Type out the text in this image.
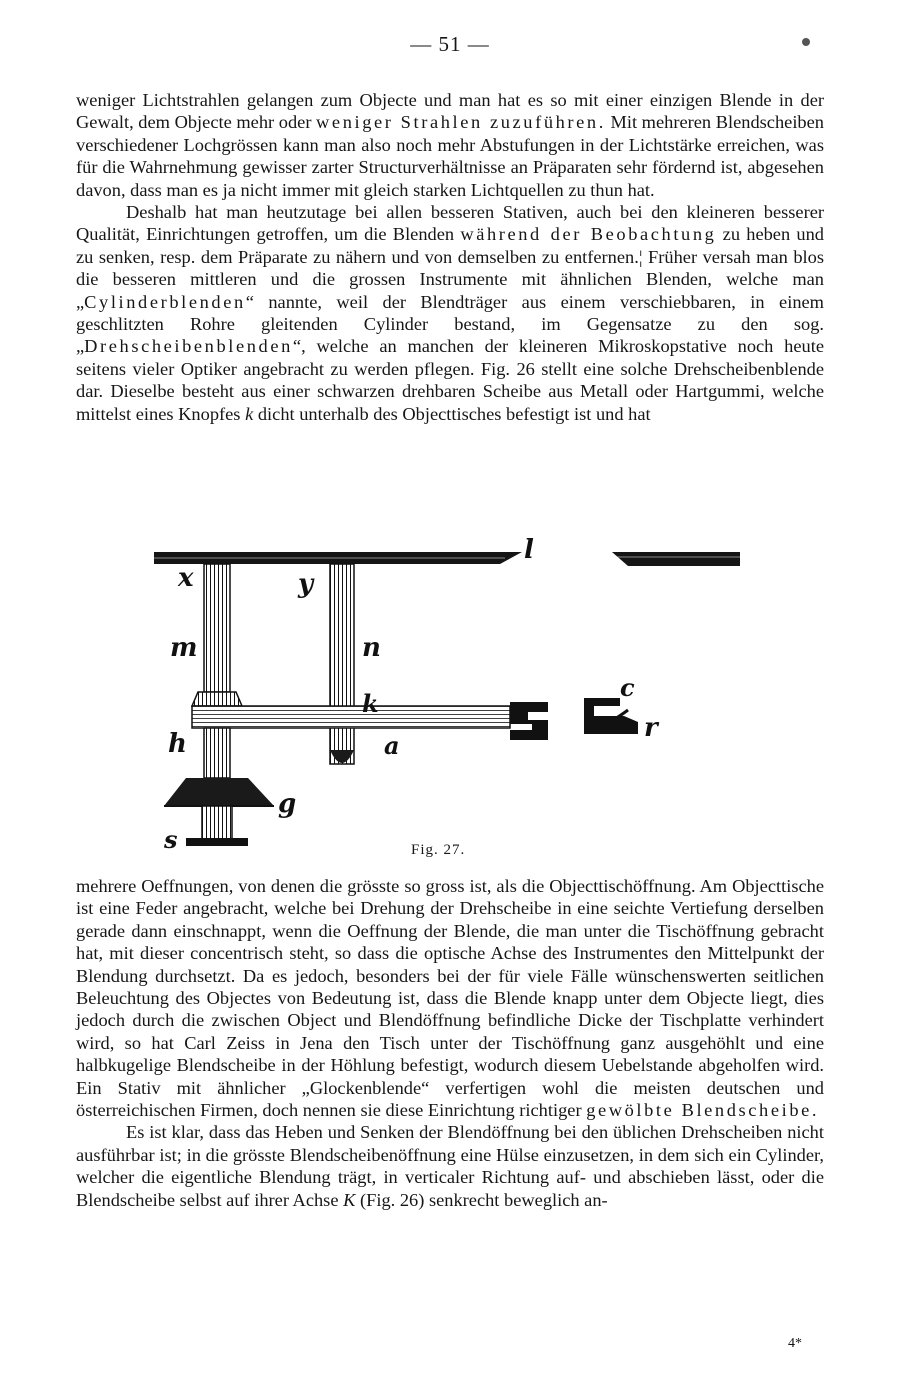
— 51 —

weniger Lichtstrahlen gelangen zum Objecte und man hat es so mit einer einzigen Blende in der Gewalt, dem Objecte mehr oder weniger Strahlen zuzuführen. Mit mehreren Blendscheiben verschiedener Lochgrössen kann man also noch mehr Abstufungen in der Lichtstärke erreichen, was für die Wahrnehmung gewisser zarter Structurverhältnisse an Präparaten sehr fördernd ist, abgesehen davon, dass man es ja nicht immer mit gleich starken Lichtquellen zu thun hat.

Deshalb hat man heutzutage bei allen besseren Stativen, auch bei den kleineren besserer Qualität, Einrichtungen getroffen, um die Blenden während der Beobachtung zu heben und zu senken, resp. dem Präparate zu nähern und von demselben zu entfernen.¦ Früher versah man blos die besseren mittleren und die grossen Instrumente mit ähnlichen Blenden, welche man „Cylinderblenden“ nannte, weil der Blendträger aus einem verschiebbaren, in einem geschlitzten Rohre gleitenden Cylinder bestand, im Gegensatze zu den sog. „Drehscheibenblenden“, welche an manchen der kleineren Mikroskopstative noch heute seitens vieler Optiker angebracht zu werden pflegen. Fig. 26 stellt eine solche Drehscheibenblende dar. Dieselbe besteht aus einer schwarzen drehbaren Scheibe aus Metall oder Hartgummi, welche mittelst eines Knopfes k dicht unterhalb des Objecttisches befestigt ist und hat

l
x	y
m	n
k
c
h	a
r
g
s	Fig. 27.

mehrere Oeffnungen, von denen die grösste so gross ist, als die Objecttischöffnung. Am Objecttische ist eine Feder angebracht, welche bei Drehung der Drehscheibe in eine seichte Vertiefung derselben gerade dann einschnappt, wenn die Oeffnung der Blende, die man unter die Tischöffnung gebracht hat, mit dieser concentrisch steht, so dass die optische Achse des Instrumentes den Mittelpunkt der Blendung durchsetzt. Da es jedoch, besonders bei der für viele Fälle wünschenswerten seitlichen Beleuchtung des Objectes von Bedeutung ist, dass die Blende knapp unter dem Objecte liegt, dies jedoch durch die zwischen Object und Blendöffnung befindliche Dicke der Tischplatte verhindert wird, so hat Carl Zeiss in Jena den Tisch unter der Tischöffnung ganz ausgehöhlt und eine halbkugelige Blendscheibe in der Höhlung befestigt, wodurch diesem Uebelstande abgeholfen wird. Ein Stativ mit ähnlicher „Glockenblende“ verfertigen wohl die meisten deutschen und österreichischen Firmen, doch nennen sie diese Einrichtung richtiger gewölbte Blendscheibe.

Es ist klar, dass das Heben und Senken der Blendöffnung bei den üblichen Drehscheiben nicht ausführbar ist; in die grösste Blendscheibenöffnung eine Hülse einzusetzen, in dem sich ein Cylinder, welcher die eigentliche Blendung trägt, in verticaler Richtung auf- und abschieben lässt, oder die Blendscheibe selbst auf ihrer Achse K (Fig. 26) senkrecht beweglich an-

4*
